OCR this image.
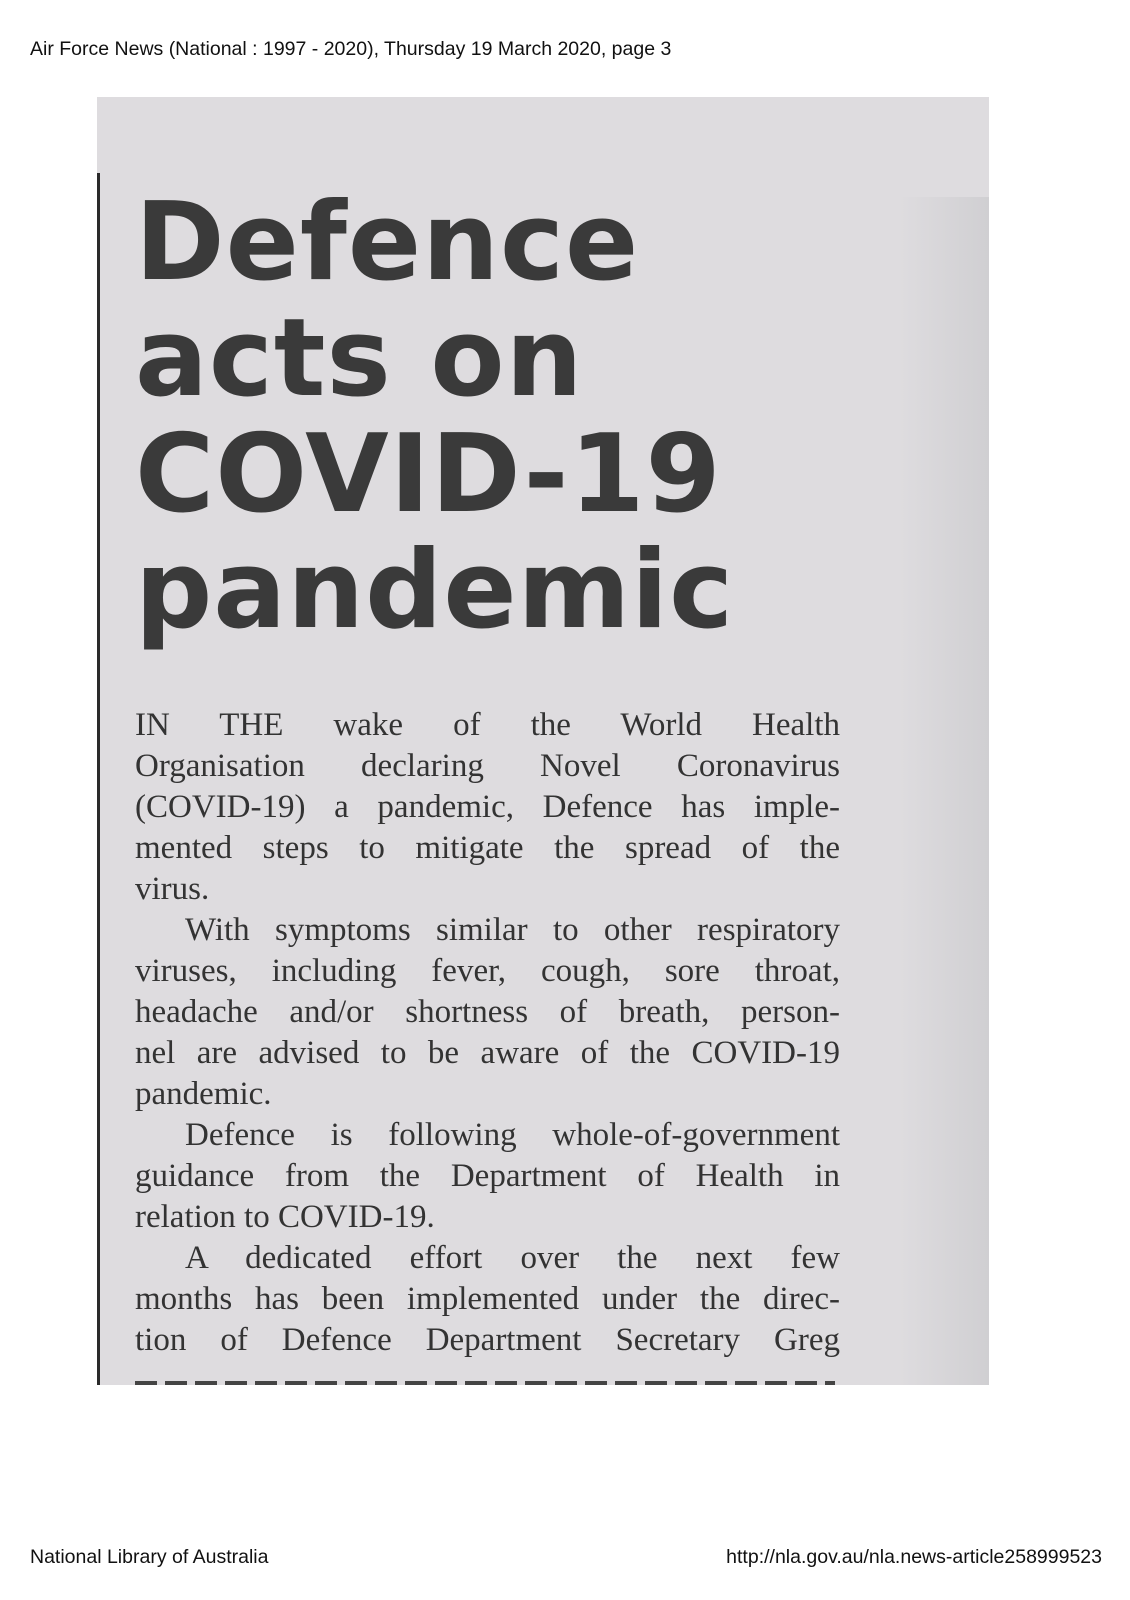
Air Force News (National : 1997 - 2020), Thursday 19 March 2020, page 3
Defence
acts on
COVID-19
pandemic
IN THE wake of the World Health
Organisation declaring Novel Coronavirus
(COVID-19) a pandemic, Defence has imple-
mented steps to mitigate the spread of the
virus.
With symptoms similar to other respiratory
viruses, including fever, cough, sore throat,
headache and/or shortness of breath, person-
nel are advised to be aware of the COVID-19
pandemic.
Defence is following whole-of-government
guidance from the Department of Health in
relation to COVID-19.
A dedicated effort over the next few
months has been implemented under the direc-
tion of Defence Department Secretary Greg
National Library of Australia	http://nla.gov.au/nla.news-article258999523
